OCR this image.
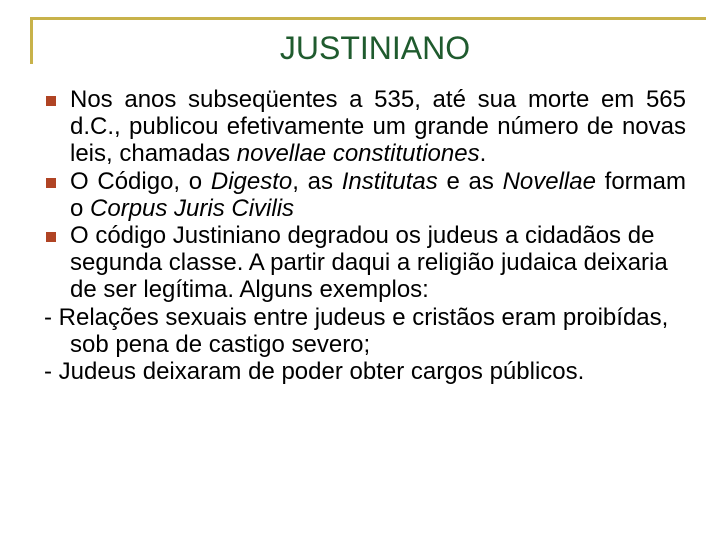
JUSTINIANO
Nos anos subseqüentes a 535, até sua morte em 565 d.C., publicou efetivamente um grande número de novas leis, chamadas novellae constitutiones.
O Código, o Digesto, as Institutas e as Novellae formam o Corpus Juris Civilis
O código Justiniano degradou os judeus a cidadãos de segunda classe. A partir daqui a religião judaica deixaria de ser legítima. Alguns exemplos:
- Relações sexuais entre judeus e cristãos eram proibídas, sob pena de castigo severo;
- Judeus deixaram de poder obter cargos públicos.
